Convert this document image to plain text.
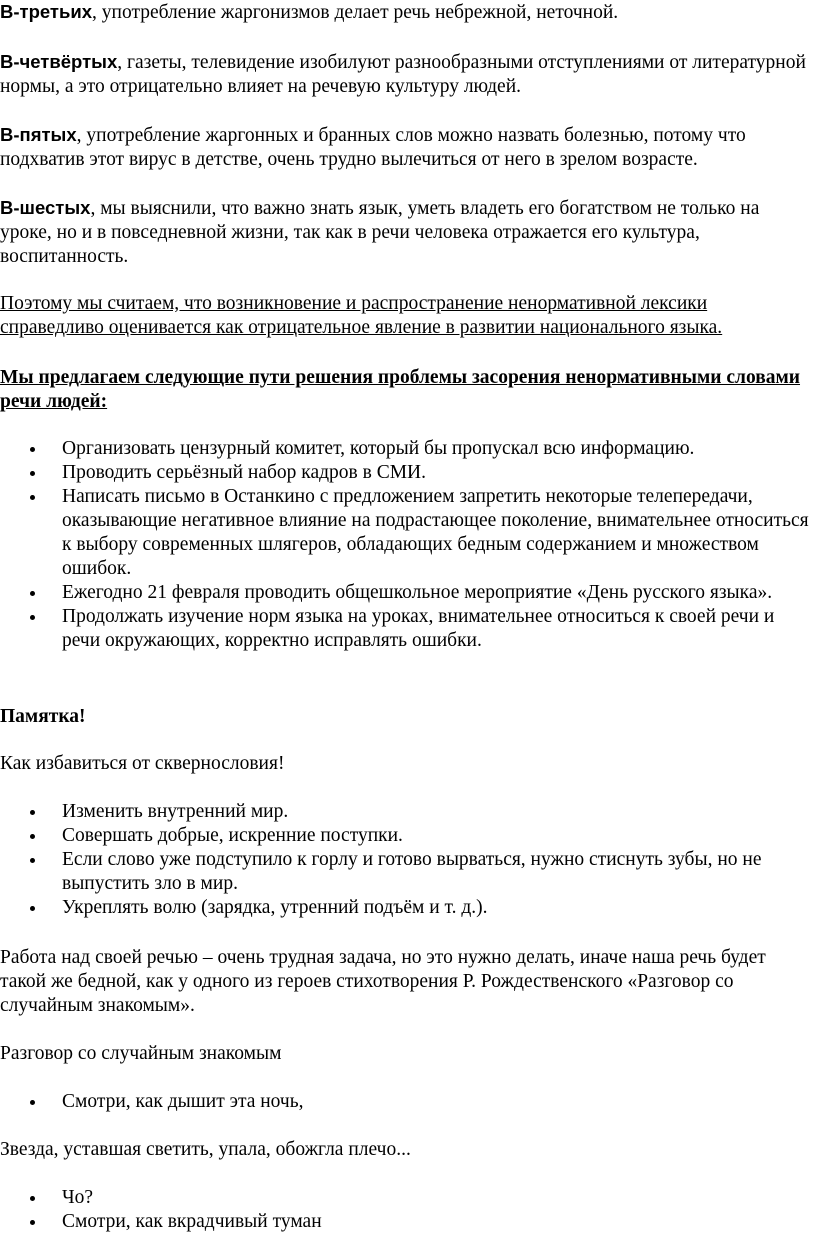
В-третьих, употребление жаргонизмов делает речь небрежной, неточной.

В-четвёртых, газеты, телевидение изобилуют разнообразными отступлениями от литературной нормы, а это отрицательно влияет на речевую культуру людей.

В-пятых, употребление жаргонных и бранных слов можно назвать болезнью, потому что подхватив этот вирус в детстве, очень трудно вылечиться от него в зрелом возрасте.

В-шестых, мы выяснили, что важно знать язык, уметь владеть его богатством не только на уроке, но и в повседневной жизни, так как в речи человека отражается его культура, воспитанность.

Поэтому мы считаем, что возникновение и распространение ненормативной лексики справедливо оценивается как отрицательное явление в развитии национального языка.

Мы предлагаем следующие пути решения проблемы засорения ненормативными словами речи людей:

Организовать цензурный комитет, который бы пропускал всю информацию.
Проводить серьёзный набор кадров в СМИ.
Написать письмо в Останкино с предложением запретить некоторые телепередачи, оказывающие негативное влияние на подрастающее поколение, внимательнее относиться к выбору современных шлягеров, обладающих бедным содержанием и множеством ошибок.
Ежегодно 21 февраля проводить общешкольное мероприятие «День русского языка».
Продолжать изучение норм языка на уроках, внимательнее относиться к своей речи и речи окружающих, корректно исправлять ошибки.

Памятка!

Как избавиться от сквернословия!

Изменить внутренний мир.
Совершать добрые, искренние поступки.
Если слово уже подступило к горлу и готово вырваться, нужно стиснуть зубы, но не выпустить зло в мир.
Укреплять волю (зарядка, утренний подъём и т. д.).

Работа над своей речью – очень трудная задача, но это нужно делать, иначе наша речь будет такой же бедной, как у одного из героев стихотворения Р. Рождественского «Разговор со случайным знакомым».

Разговор со случайным знакомым

Смотри, как дышит эта ночь,

Звезда, уставшая светить, упала, обожгла плечо...

Чо?
Смотри, как вкрадчивый туман
